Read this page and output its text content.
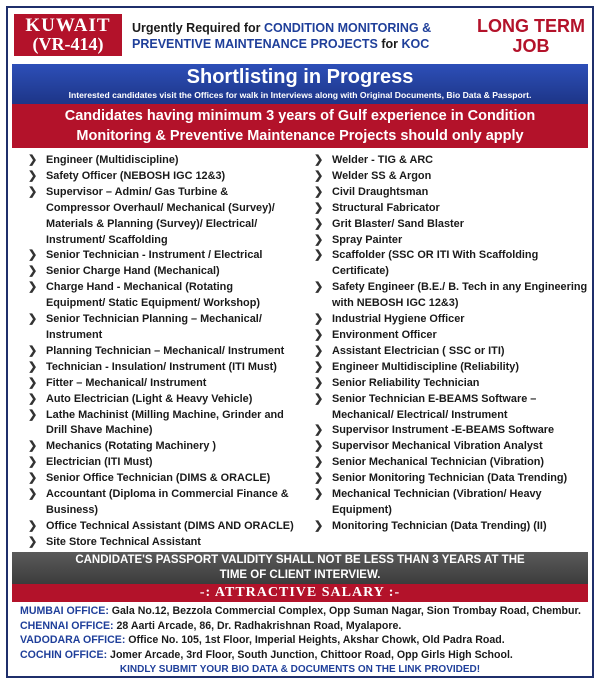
KUWAIT
(VR-414)
Urgently Required for CONDITION MONITORING &
PREVENTIVE MAINTENANCE PROJECTS for KOC
LONG TERM
JOB
Shortlisting in Progress
Interested candidates visit the Offices for walk in Interviews along with Original Documents, Bio Data & Passport.
Candidates having minimum 3 years of Gulf experience in Condition
Monitoring & Preventive Maintenance Projects should only apply
❯ Engineer (Multidiscipline)
❯ Safety Officer (NEBOSH IGC 12&3)
❯ Supervisor – Admin/ Gas Turbine &
Compressor Overhaul/ Mechanical (Survey)/
Materials & Planning (Survey)/ Electrical/
Instrument/ Scaffolding
❯ Senior Technician - Instrument / Electrical
❯ Senior Charge Hand (Mechanical)
❯ Charge Hand - Mechanical (Rotating
Equipment/ Static Equipment/ Workshop)
❯ Senior Technician Planning – Mechanical/
Instrument
❯ Planning Technician – Mechanical/ Instrument
❯ Technician - Insulation/ Instrument (ITI Must)
❯ Fitter – Mechanical/ Instrument
❯ Auto Electrician (Light & Heavy Vehicle)
❯ Lathe Machinist (Milling Machine, Grinder and
Drill Shave Machine)
❯ Mechanics (Rotating Machinery )
❯ Electrician (ITI Must)
❯ Senior Office Technician (DIMS & ORACLE)
❯ Accountant (Diploma in Commercial Finance &
Business)
❯ Office Technical Assistant (DIMS AND ORACLE)
❯ Site Store Technical Assistant
❯ Welder - TIG & ARC
❯ Welder SS & Argon
❯ Civil Draughtsman
❯ Structural Fabricator
❯ Grit Blaster/ Sand Blaster
❯ Spray Painter
❯ Scaffolder (SSC OR ITI With Scaffolding
Certificate)
❯ Safety Engineer (B.E./ B. Tech in any Engineering
with NEBOSH IGC 12&3)
❯ Industrial Hygiene Officer
❯ Environment Officer
❯ Assistant Electrician ( SSC or ITI)
❯ Engineer Multidiscipline (Reliability)
❯ Senior Reliability Technician
❯ Senior Technician E-BEAMS Software –
Mechanical/ Electrical/ Instrument
❯ Supervisor Instrument -E-BEAMS Software
❯ Supervisor Mechanical Vibration Analyst
❯ Senior Mechanical Technician (Vibration)
❯ Senior Monitoring Technician (Data Trending)
❯ Mechanical Technician (Vibration/ Heavy
Equipment)
❯ Monitoring Technician (Data Trending) (II)
CANDIDATE'S PASSPORT VALIDITY SHALL NOT BE LESS THAN 3 YEARS AT THE
TIME OF CLIENT INTERVIEW.
-: ATTRACTIVE SALARY :-
MUMBAI OFFICE: Gala No.12, Bezzola Commercial Complex, Opp Suman Nagar, Sion Trombay Road, Chembur.
CHENNAI OFFICE: 28 Aarti Arcade, 86, Dr. Radhakrishnan Road, Myalapore.
VADODARA OFFICE: Office No. 105, 1st Floor, Imperial Heights, Akshar Chowk, Old Padra Road.
COCHIN OFFICE: Jomer Arcade, 3rd Floor, South Junction, Chittoor Road, Opp Girls High School.
KINDLY SUBMIT YOUR BIO DATA & DOCUMENTS ON THE LINK PROVIDED!
